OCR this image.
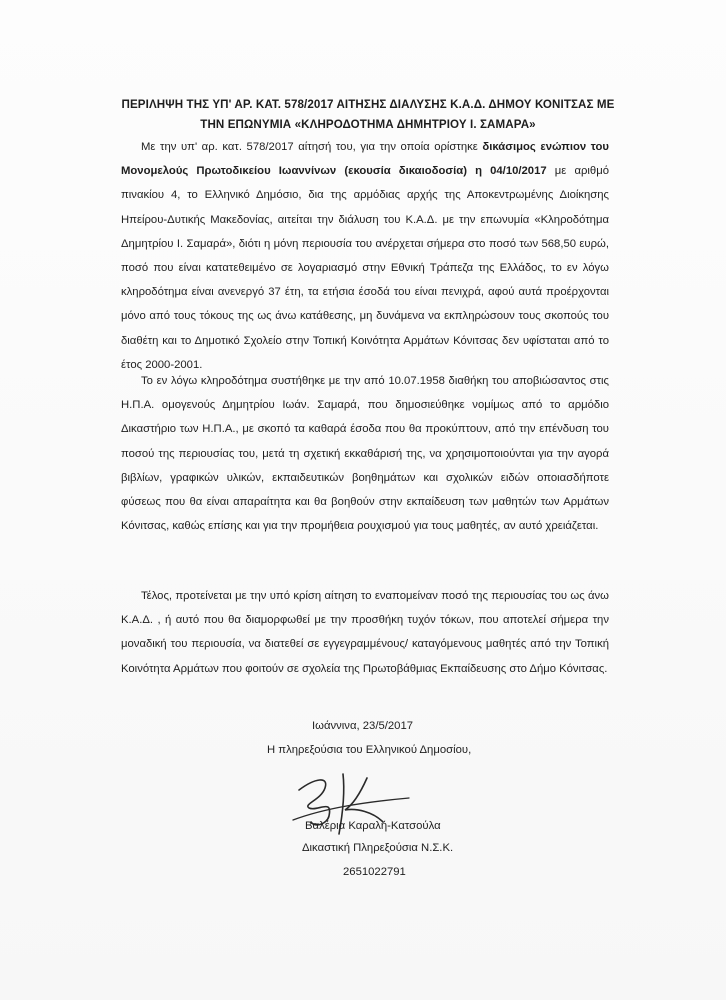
ΠΕΡΙΛΗΨΗ ΤΗΣ ΥΠ' ΑΡ. ΚΑΤ. 578/2017 ΑΙΤΗΣΗΣ ΔΙΑΛΥΣΗΣ Κ.Α.Δ. ΔΗΜΟΥ ΚΟΝΙΤΣΑΣ ΜΕ
ΤΗΝ ΕΠΩΝΥΜΙΑ «ΚΛΗΡΟΔΟΤΗΜΑ ΔΗΜΗΤΡΙΟΥ Ι. ΣΑΜΑΡΑ»
Με την υπ' αρ. κατ. 578/2017 αίτησή του, για την οποία ορίστηκε δικάσιμος ενώπιον του Μονομελούς Πρωτοδικείου Ιωαννίνων (εκουσία δικαιοδοσία) η 04/10/2017 με αριθμό πινακίου 4, το Ελληνικό Δημόσιο, δια της αρμόδιας αρχής της Αποκεντρωμένης Διοίκησης Ηπείρου-Δυτικής Μακεδονίας, αιτείται την διάλυση του Κ.Α.Δ. με την επωνυμία «Κληροδότημα Δημητρίου Ι. Σαμαρά», διότι η μόνη περιουσία του ανέρχεται σήμερα στο ποσό των 568,50 ευρώ, ποσό που είναι κατατεθειμένο σε λογαριασμό στην Εθνική Τράπεζα της Ελλάδος, το εν λόγω κληροδότημα είναι ανενεργό 37 έτη, τα ετήσια έσοδά του είναι πενιχρά, αφού αυτά προέρχονται μόνο από τους τόκους της ως άνω κατάθεσης, μη δυνάμενα να εκπληρώσουν τους σκοπούς του διαθέτη και το Δημοτικό Σχολείο στην Τοπική Κοινότητα Αρμάτων Κόνιτσας δεν υφίσταται από το έτος 2000-2001.
Το εν λόγω κληροδότημα συστήθηκε με την από 10.07.1958 διαθήκη του αποβιώσαντος στις Η.Π.Α. ομογενούς Δημητρίου Ιωάν. Σαμαρά, που δημοσιεύθηκε νομίμως από το αρμόδιο Δικαστήριο των Η.Π.Α., με σκοπό τα καθαρά έσοδα που θα προκύπτουν, από την επένδυση του ποσού της περιουσίας του, μετά τη σχετική εκκαθάρισή της, να χρησιμοποιούνται για την αγορά βιβλίων, γραφικών υλικών, εκπαιδευτικών βοηθημάτων και σχολικών ειδών οποιασδήποτε φύσεως που θα είναι απαραίτητα και θα βοηθούν στην εκπαίδευση των μαθητών των Αρμάτων Κόνιτσας, καθώς επίσης και για την προμήθεια ρουχισμού για τους μαθητές, αν αυτό χρειάζεται.
Τέλος, προτείνεται με την υπό κρίση αίτηση το εναπομείναν ποσό της περιουσίας του ως άνω Κ.Α.Δ. , ή αυτό που θα διαμορφωθεί με την προσθήκη τυχόν τόκων, που αποτελεί σήμερα την μοναδική του περιουσία, να διατεθεί σε εγγεγραμμένους/ καταγόμενους μαθητές από την Τοπική Κοινότητα Αρμάτων που φοιτούν σε σχολεία της Πρωτοβάθμιας Εκπαίδευσης στο Δήμο Κόνιτσας.
Ιωάννινα, 23/5/2017
Η πληρεξούσια του Ελληνικού Δημοσίου,
Βαλέρια Καραλή-Κατσούλα
Δικαστική Πληρεξούσια Ν.Σ.Κ.
2651022791
